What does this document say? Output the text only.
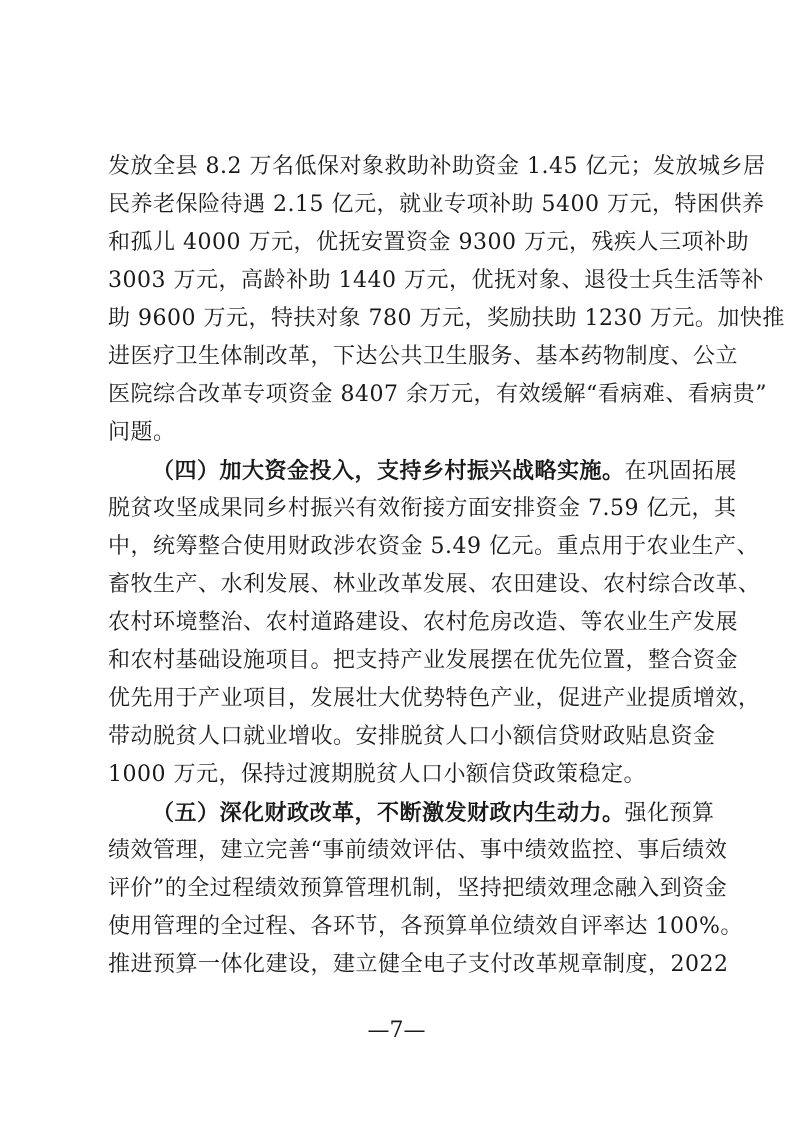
发放全县 8.2 万名低保对象救助补助资金 1.45 亿元；发放城乡居
民养老保险待遇 2.15 亿元，就业专项补助 5400 万元，特困供养
和孤儿 4000 万元，优抚安置资金 9300 万元，残疾人三项补助
3003 万元，高龄补助 1440 万元，优抚对象、退役士兵生活等补
助 9600 万元，特扶对象 780 万元，奖励扶助 1230 万元。加快推
进医疗卫生体制改革，下达公共卫生服务、基本药物制度、公立
医院综合改革专项资金 8407 余万元，有效缓解“看病难、看病贵”
问题。
（四）加大资金投入，支持乡村振兴战略实施。在巩固拓展
脱贫攻坚成果同乡村振兴有效衔接方面安排资金 7.59 亿元，其
中，统筹整合使用财政涉农资金 5.49 亿元。重点用于农业生产、
畜牧生产、水利发展、林业改革发展、农田建设、农村综合改革、
农村环境整治、农村道路建设、农村危房改造、等农业生产发展
和农村基础设施项目。把支持产业发展摆在优先位置，整合资金
优先用于产业项目，发展壮大优势特色产业，促进产业提质增效，
带动脱贫人口就业增收。安排脱贫人口小额信贷财政贴息资金
1000 万元，保持过渡期脱贫人口小额信贷政策稳定。
（五）深化财政改革，不断激发财政内生动力。强化预算
绩效管理，建立完善“事前绩效评估、事中绩效监控、事后绩效
评价”的全过程绩效预算管理机制，坚持把绩效理念融入到资金
使用管理的全过程、各环节，各预算单位绩效自评率达 100%。
推进预算一体化建设，建立健全电子支付改革规章制度，2022
—7—
